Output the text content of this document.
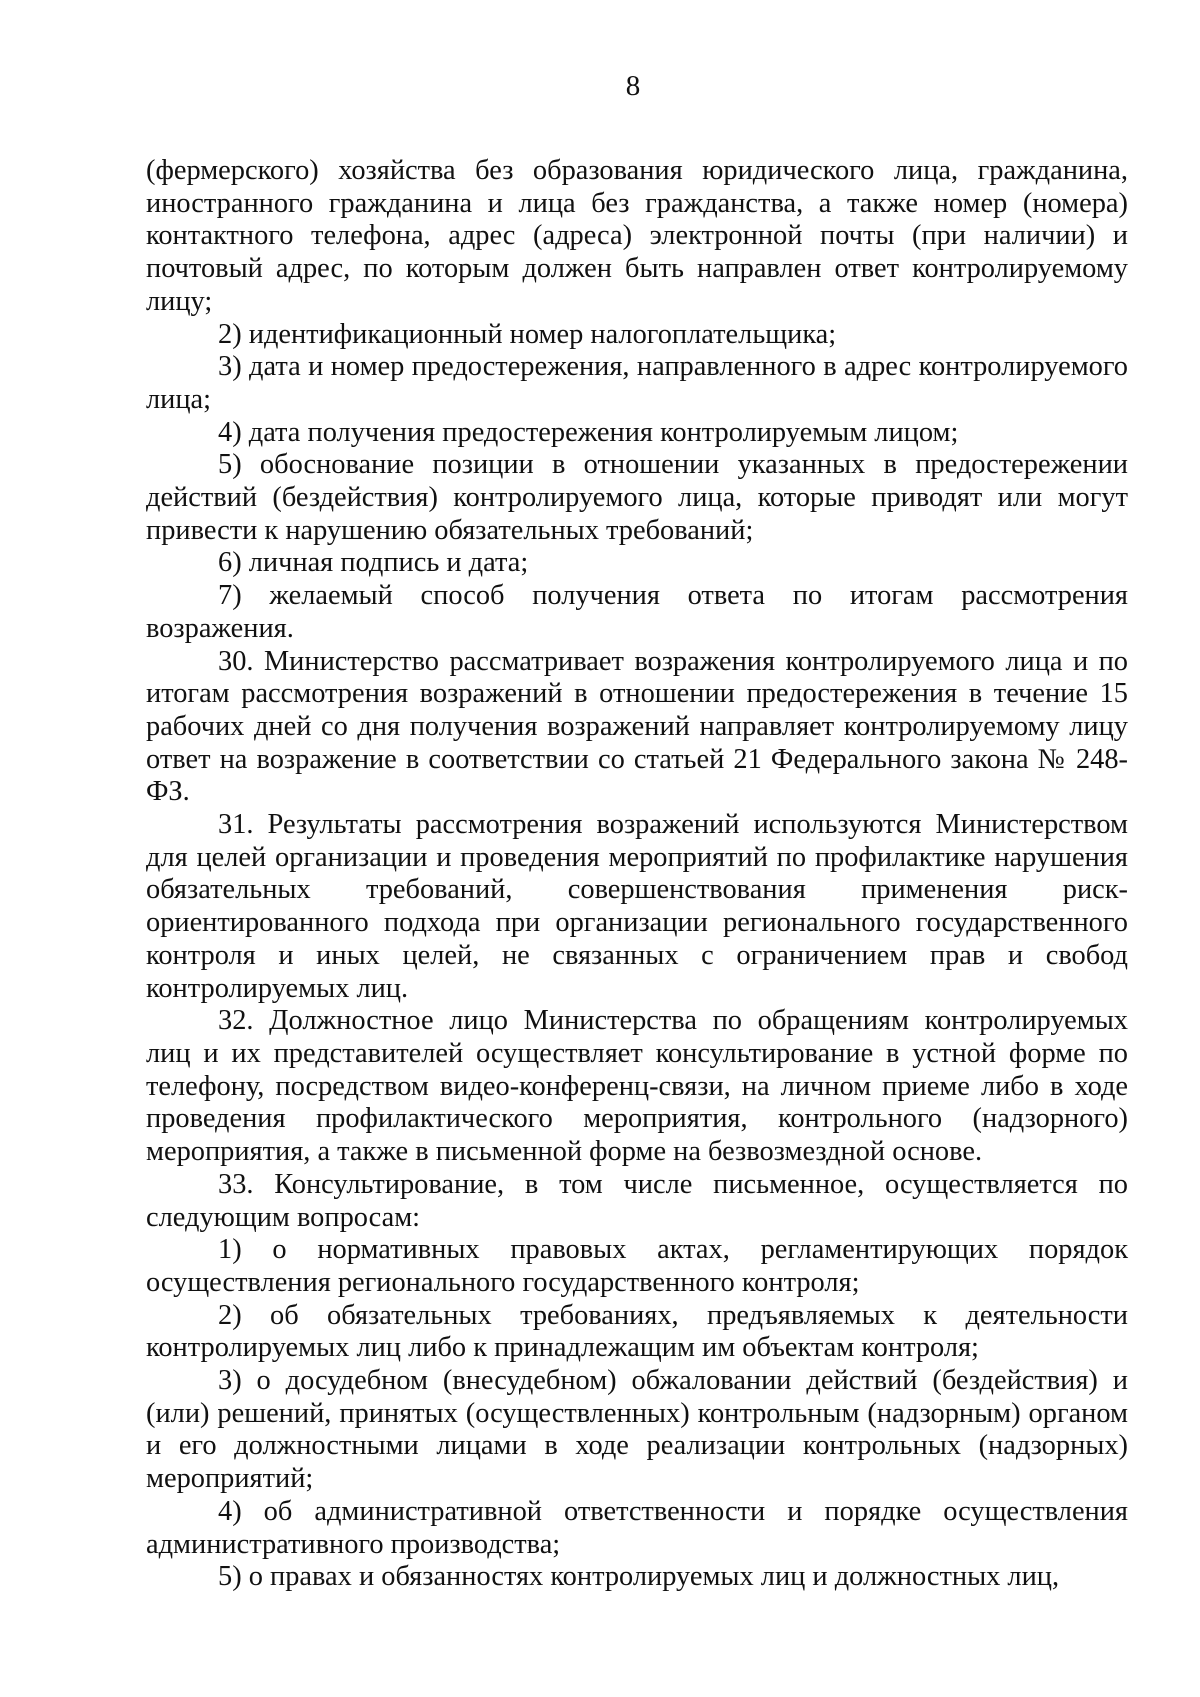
8

(фермерского) хозяйства без образования юридического лица, гражданина, иностранного гражданина и лица без гражданства, а также номер (номера) контактного телефона, адрес (адреса) электронной почты (при наличии) и почтовый адрес, по которым должен быть направлен ответ контролируемому лицу;

2) идентификационный номер налогоплательщика;

3) дата и номер предостережения, направленного в адрес контролируемого лица;

4) дата получения предостережения контролируемым лицом;

5) обоснование позиции в отношении указанных в предостережении действий (бездействия) контролируемого лица, которые приводят или могут привести к нарушению обязательных требований;

6) личная подпись и дата;

7) желаемый способ получения ответа по итогам рассмотрения возражения.

30. Министерство рассматривает возражения контролируемого лица и по итогам рассмотрения возражений в отношении предостережения в течение 15 рабочих дней со дня получения возражений направляет контролируемому лицу ответ на возражение в соответствии со статьей 21 Федерального закона № 248-ФЗ.

31. Результаты рассмотрения возражений используются Министерством для целей организации и проведения мероприятий по профилактике нарушения обязательных требований, совершенствования применения риск-ориентированного подхода при организации регионального государственного контроля и иных целей, не связанных с ограничением прав и свобод контролируемых лиц.

32. Должностное лицо Министерства по обращениям контролируемых лиц и их представителей осуществляет консультирование в устной форме по телефону, посредством видео-конференц-связи, на личном приеме либо в ходе проведения профилактического мероприятия, контрольного (надзорного) мероприятия, а также в письменной форме на безвозмездной основе.

33. Консультирование, в том числе письменное, осуществляется по следующим вопросам:

1) о нормативных правовых актах, регламентирующих порядок осуществления регионального государственного контроля;

2) об обязательных требованиях, предъявляемых к деятельности контролируемых лиц либо к принадлежащим им объектам контроля;

3) о досудебном (внесудебном) обжаловании действий (бездействия) и (или) решений, принятых (осуществленных) контрольным (надзорным) органом и его должностными лицами в ходе реализации контрольных (надзорных) мероприятий;

4) об административной ответственности и порядке осуществления административного производства;

5) о правах и обязанностях контролируемых лиц и должностных лиц,
